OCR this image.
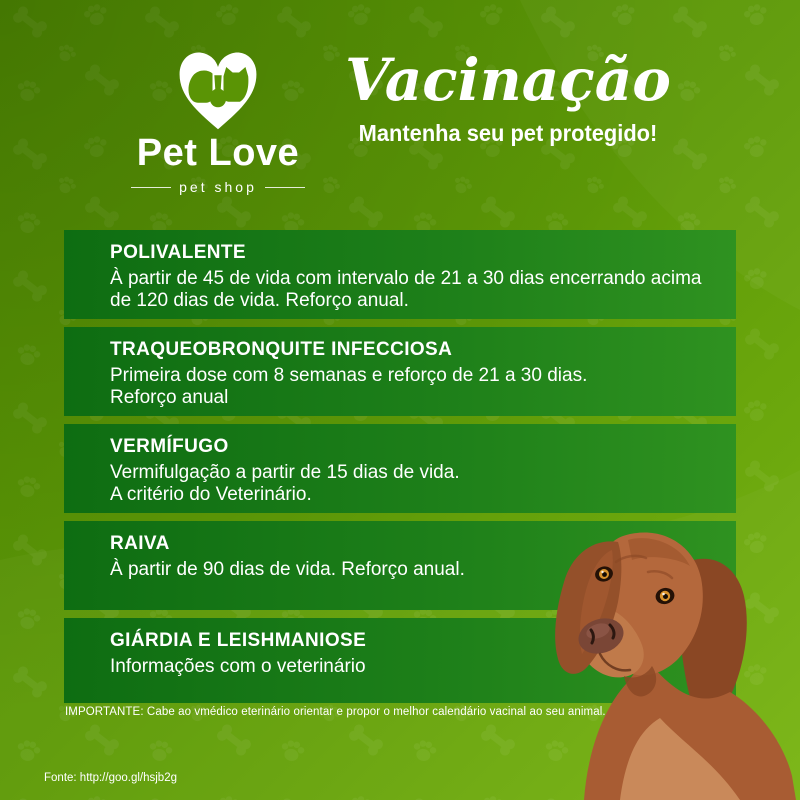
Pet Love
pet shop
Vacinação
Mantenha seu pet protegido!
POLIVALENTE
À partir de 45 de vida com intervalo de 21 a 30 dias encerrando acima
de 120 dias de vida. Reforço anual.
TRAQUEOBRONQUITE INFECCIOSA
Primeira dose com 8 semanas e reforço de 21 a 30 dias.
Reforço anual
VERMÍFUGO
Vermifulgação a partir de 15 dias de vida.
A critério do Veterinário.
RAIVA
À partir de 90 dias de vida. Reforço anual.
GIÁRDIA E LEISHMANIOSE
Informações com o veterinário
IMPORTANTE: Cabe ao vmédico eterinário orientar e propor o melhor calendário vacinal ao seu animal.
Fonte: http://goo.gl/hsjb2g
